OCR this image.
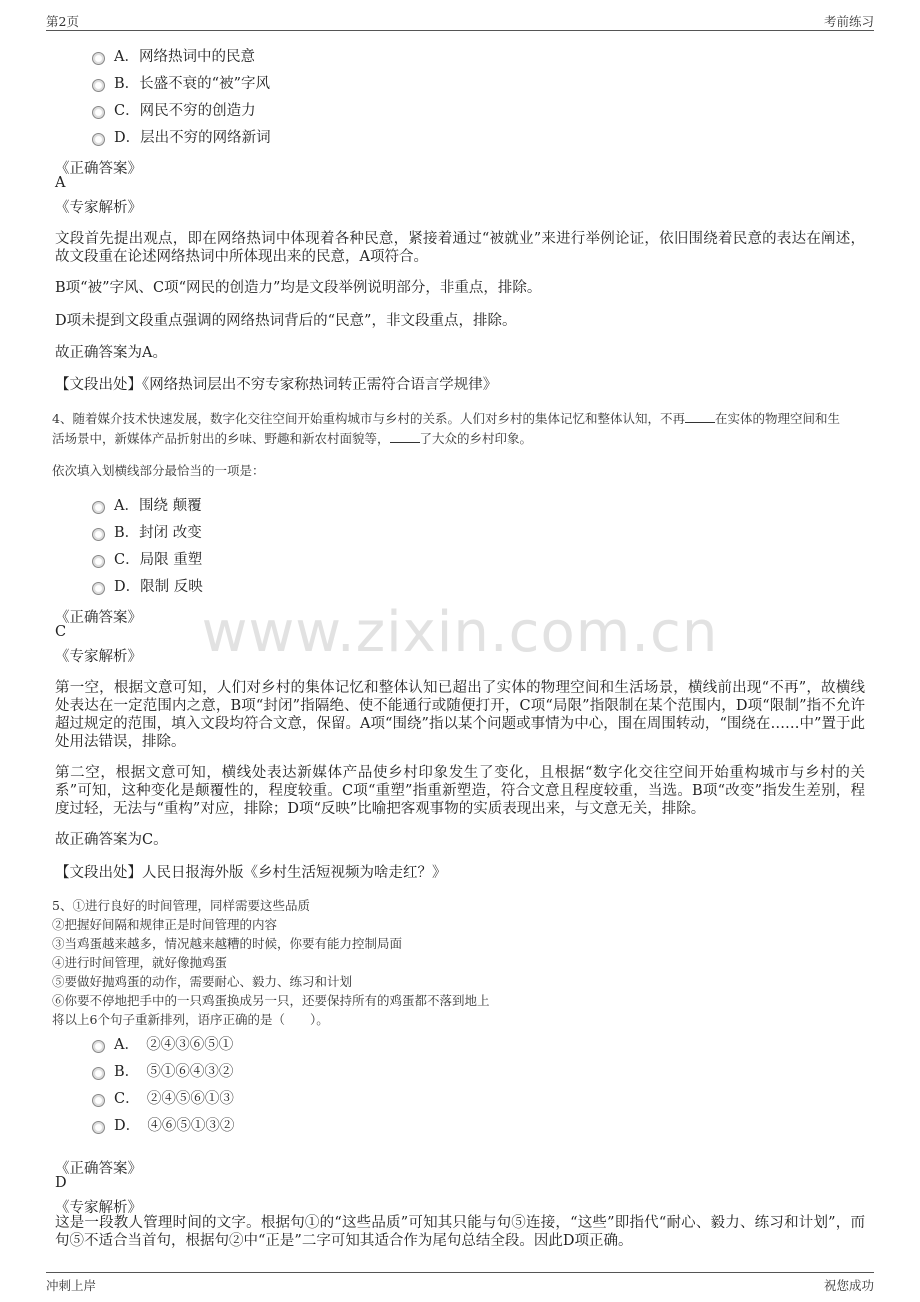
第2页	考前练习
www.zixin.com.cn
A．网络热词中的民意
B．长盛不衰的“被”字风
C．网民不穷的创造力
D．层出不穷的网络新词
《正确答案》
A
《专家解析》
文段首先提出观点，即在网络热词中体现着各种民意，紧接着通过“被就业”来进行举例论证，依旧围绕着民意的表达在阐述，故文段重在论述网络热词中所体现出来的民意，A项符合。
B项“被”字风、C项“网民的创造力”均是文段举例说明部分，非重点，排除。
D项未提到文段重点强调的网络热词背后的“民意”，非文段重点，排除。
故正确答案为A。
【文段出处】《网络热词层出不穷专家称热词转正需符合语言学规律》
4、随着媒介技术快速发展，数字化交往空间开始重构城市与乡村的关系。人们对乡村的集体记忆和整体认知，不再 在实体的物理空间和生
活场景中，新媒体产品折射出的乡味、野趣和新农村面貌等， 了大众的乡村印象。
依次填入划横线部分最恰当的一项是：
A．围绕 颠覆
B．封闭 改变
C．局限 重塑
D．限制 反映
《正确答案》
C
《专家解析》
第一空，根据文意可知，人们对乡村的集体记忆和整体认知已超出了实体的物理空间和生活场景，横线前出现“不再”，故横线处表达在一定范围内之意，B项“封闭”指隔绝、使不能通行或随便打开，C项“局限”指限制在某个范围内，D项“限制”指不允许超过规定的范围，填入文段均符合文意，保留。A项“围绕”指以某个问题或事情为中心，围在周围转动，“围绕在……中”置于此处用法错误，排除。
第二空，根据文意可知，横线处表达新媒体产品使乡村印象发生了变化，且根据“数字化交往空间开始重构城市与乡村的关系”可知，这种变化是颠覆性的，程度较重。C项“重塑”指重新塑造，符合文意且程度较重，当选。B项“改变”指发生差别，程度过轻，无法与“重构”对应，排除；D项“反映”比喻把客观事物的实质表现出来，与文意无关，排除。
故正确答案为C。
【文段出处】人民日报海外版《乡村生活短视频为啥走红？》
5、①进行良好的时间管理，同样需要这些品质
②把握好间隔和规律正是时间管理的内容
③当鸡蛋越来越多，情况越来越糟的时候，你要有能力控制局面
④进行时间管理，就好像抛鸡蛋
⑤要做好抛鸡蛋的动作，需要耐心、毅力、练习和计划
⑥你要不停地把手中的一只鸡蛋换成另一只，还要保持所有的鸡蛋都不落到地上
将以上6个句子重新排列，语序正确的是（　　）。
A．　②④③⑥⑤①
B．　⑤①⑥④③②
C．　②④⑤⑥①③
D．　④⑥⑤①③②
《正确答案》
D
《专家解析》
这是一段教人管理时间的文字。根据句①的“这些品质”可知其只能与句⑤连接，“这些”即指代“耐心、毅力、练习和计划”，而句⑤不适合当首句，根据句②中“正是”二字可知其适合作为尾句总结全段。因此D项正确。
冲刺上岸	祝您成功
